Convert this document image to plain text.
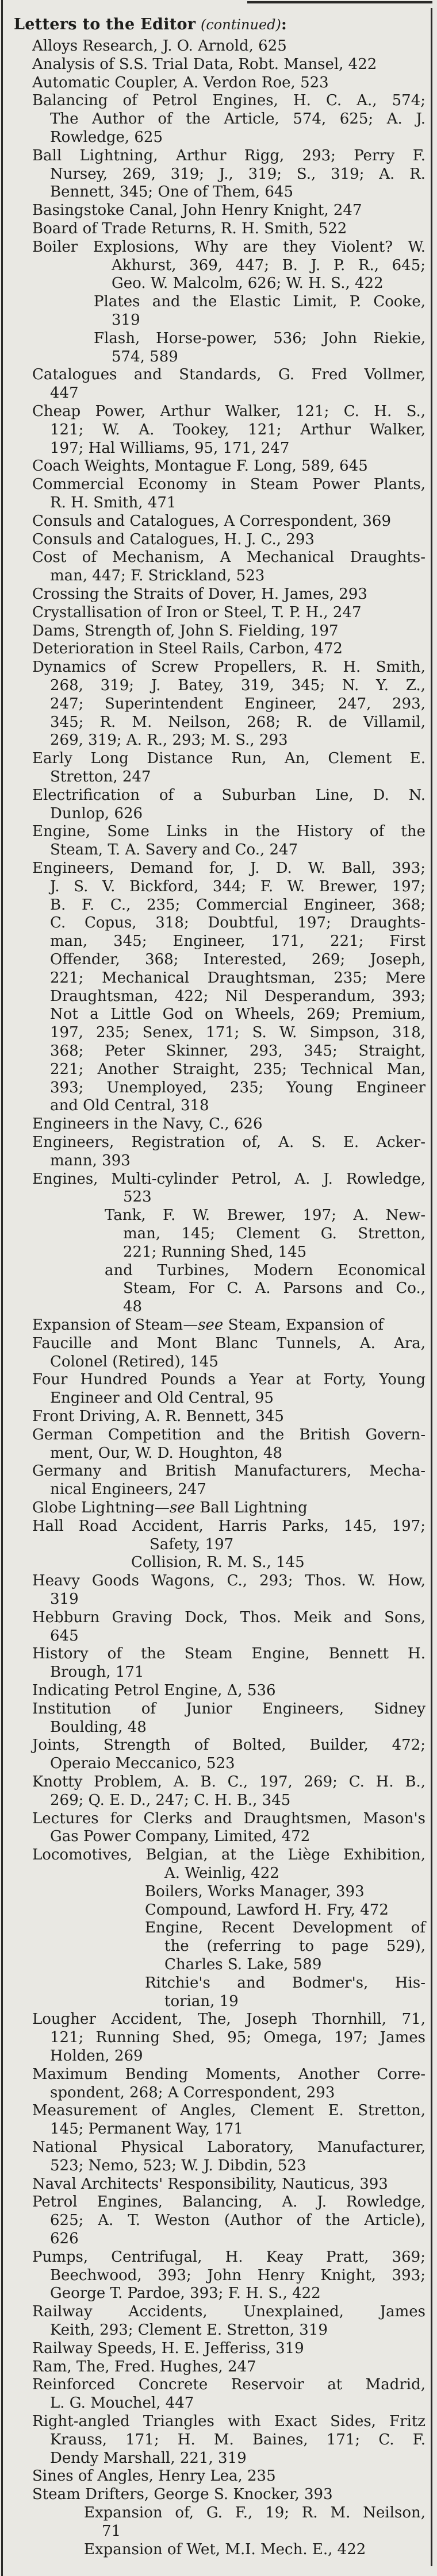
Letters to the Editor (continued):
Alloys Research, J. O. Arnold, 625
Analysis of S.S. Trial Data, Robt. Mansel, 422
Automatic Coupler, A. Verdon Roe, 523
Balancing of Petrol Engines, H. C. A., 574;
The Author of the Article, 574, 625; A. J.
Rowledge, 625
Ball Lightning, Arthur Rigg, 293; Perry F.
Nursey, 269, 319; J., 319; S., 319; A. R.
Bennett, 345; One of Them, 645
Basingstoke Canal, John Henry Knight, 247
Board of Trade Returns, R. H. Smith, 522
Boiler Explosions, Why are they Violent? W.
Akhurst, 369, 447; B. J. P. R., 645;
Geo. W. Malcolm, 626; W. H. S., 422
Plates and the Elastic Limit, P. Cooke,
319
Flash, Horse-power, 536; John Riekie,
574, 589
Catalogues and Standards, G. Fred Vollmer,
447
Cheap Power, Arthur Walker, 121; C. H. S.,
121; W. A. Tookey, 121; Arthur Walker,
197; Hal Williams, 95, 171, 247
Coach Weights, Montague F. Long, 589, 645
Commercial Economy in Steam Power Plants,
R. H. Smith, 471
Consuls and Catalogues, A Correspondent, 369
Consuls and Catalogues, H. J. C., 293
Cost of Mechanism, A Mechanical Draughts-
man, 447; F. Strickland, 523
Crossing the Straits of Dover, H. James, 293
Crystallisation of Iron or Steel, T. P. H., 247
Dams, Strength of, John S. Fielding, 197
Deterioration in Steel Rails, Carbon, 472
Dynamics of Screw Propellers, R. H. Smith,
268, 319; J. Batey, 319, 345; N. Y. Z.,
247; Superintendent Engineer, 247, 293,
345; R. M. Neilson, 268; R. de Villamil,
269, 319; A. R., 293; M. S., 293
Early Long Distance Run, An, Clement E.
Stretton, 247
Electrification of a Suburban Line, D. N.
Dunlop, 626
Engine, Some Links in the History of the
Steam, T. A. Savery and Co., 247
Engineers, Demand for, J. D. W. Ball, 393;
J. S. V. Bickford, 344; F. W. Brewer, 197;
B. F. C., 235; Commercial Engineer, 368;
C. Copus, 318; Doubtful, 197; Draughts-
man, 345; Engineer, 171, 221; First
Offender, 368; Interested, 269; Joseph,
221; Mechanical Draughtsman, 235; Mere
Draughtsman, 422; Nil Desperandum, 393;
Not a Little God on Wheels, 269; Premium,
197, 235; Senex, 171; S. W. Simpson, 318,
368; Peter Skinner, 293, 345; Straight,
221; Another Straight, 235; Technical Man,
393; Unemployed, 235; Young Engineer
and Old Central, 318
Engineers in the Navy, C., 626
Engineers, Registration of, A. S. E. Acker-
mann, 393
Engines, Multi-cylinder Petrol, A. J. Rowledge,
523
Tank, F. W. Brewer, 197; A. New-
man, 145; Clement G. Stretton,
221; Running Shed, 145
and Turbines, Modern Economical
Steam, For C. A. Parsons and Co.,
48
Expansion of Steam—see Steam, Expansion of
Faucille and Mont Blanc Tunnels, A. Ara,
Colonel (Retired), 145
Four Hundred Pounds a Year at Forty, Young
Engineer and Old Central, 95
Front Driving, A. R. Bennett, 345
German Competition and the British Govern-
ment, Our, W. D. Houghton, 48
Germany and British Manufacturers, Mecha-
nical Engineers, 247
Globe Lightning—see Ball Lightning
Hall Road Accident, Harris Parks, 145, 197;
Safety, 197
Collision, R. M. S., 145
Heavy Goods Wagons, C., 293; Thos. W. How,
319
Hebburn Graving Dock, Thos. Meik and Sons,
645
History of the Steam Engine, Bennett H.
Brough, 171
Indicating Petrol Engine, Δ, 536
Institution of Junior Engineers, Sidney
Boulding, 48
Joints, Strength of Bolted, Builder, 472;
Operaio Meccanico, 523
Knotty Problem, A. B. C., 197, 269; C. H. B.,
269; Q. E. D., 247; C. H. B., 345
Lectures for Clerks and Draughtsmen, Mason's
Gas Power Company, Limited, 472
Locomotives, Belgian, at the Liège Exhibition,
A. Weinlig, 422
Boilers, Works Manager, 393
Compound, Lawford H. Fry, 472
Engine, Recent Development of
the (referring to page 529),
Charles S. Lake, 589
Ritchie's and Bodmer's, His-
torian, 19
Lougher Accident, The, Joseph Thornhill, 71,
121; Running Shed, 95; Omega, 197; James
Holden, 269
Maximum Bending Moments, Another Corre-
spondent, 268; A Correspondent, 293
Measurement of Angles, Clement E. Stretton,
145; Permanent Way, 171
National Physical Laboratory, Manufacturer,
523; Nemo, 523; W. J. Dibdin, 523
Naval Architects' Responsibility, Nauticus, 393
Petrol Engines, Balancing, A. J. Rowledge,
625; A. T. Weston (Author of the Article),
626
Pumps, Centrifugal, H. Keay Pratt, 369;
Beechwood, 393; John Henry Knight, 393;
George T. Pardoe, 393; F. H. S., 422
Railway Accidents, Unexplained, James
Keith, 293; Clement E. Stretton, 319
Railway Speeds, H. E. Jefferiss, 319
Ram, The, Fred. Hughes, 247
Reinforced Concrete Reservoir at Madrid,
L. G. Mouchel, 447
Right-angled Triangles with Exact Sides, Fritz
Krauss, 171; H. M. Baines, 171; C. F.
Dendy Marshall, 221, 319
Sines of Angles, Henry Lea, 235
Steam Drifters, George S. Knocker, 393
Expansion of, G. F., 19; R. M. Neilson,
71
Expansion of Wet, M.I. Mech. E., 422
